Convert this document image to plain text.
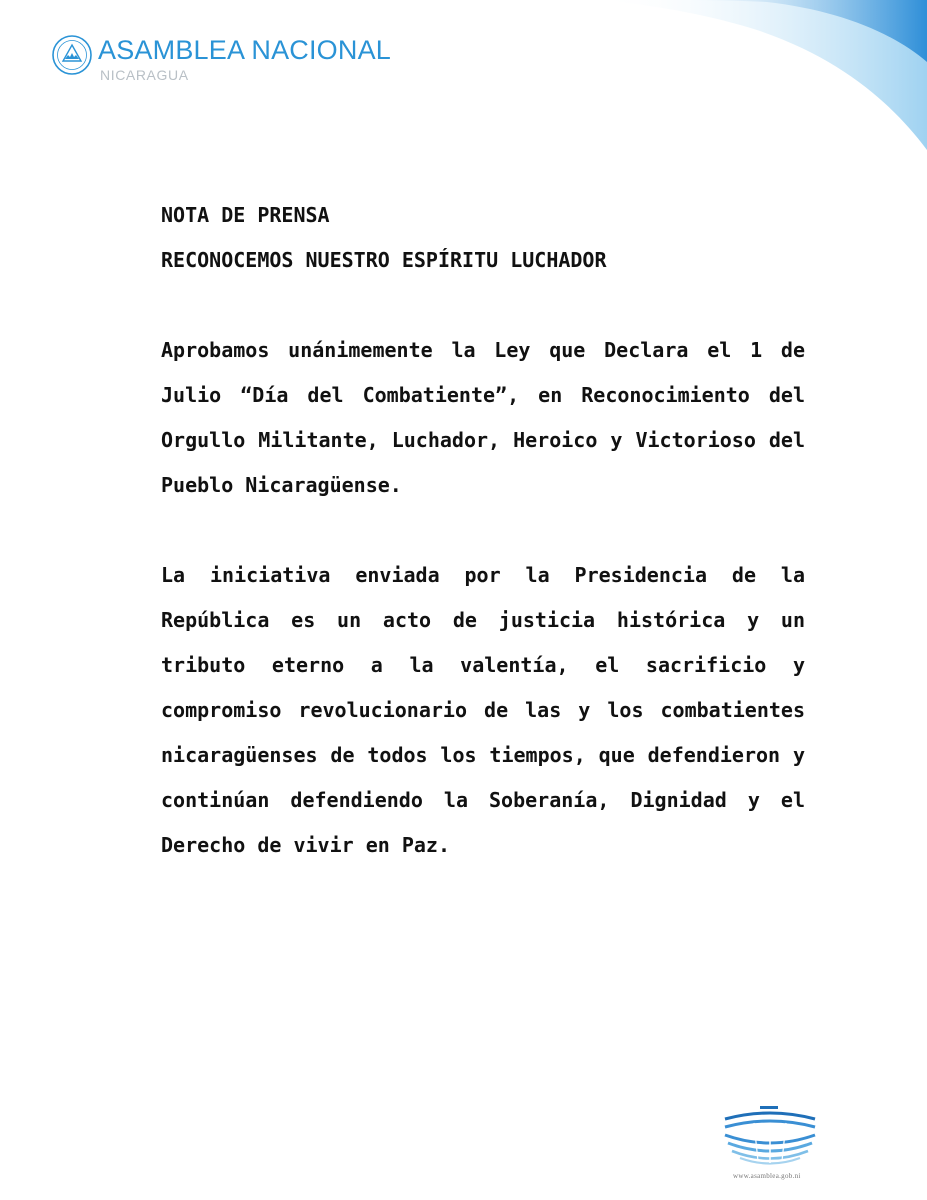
ASAMBLEA NACIONAL
NICARAGUA
NOTA DE PRENSA
RECONOCEMOS NUESTRO ESPÍRITU LUCHADOR

Aprobamos unánimemente la Ley que Declara el 1 de Julio “Día del Combatiente”, en Reconocimiento del Orgullo Militante, Luchador, Heroico y Victorioso del Pueblo Nicaragüense.

La iniciativa enviada por la Presidencia de la República es un acto de justicia histórica y un tributo eterno a la valentía, el sacrificio y compromiso revolucionario de las y los combatientes nicaragüenses de todos los tiempos, que defendieron y continúan defendiendo la Soberanía, Dignidad y el Derecho de vivir en Paz.

www.asamblea.gob.ni
